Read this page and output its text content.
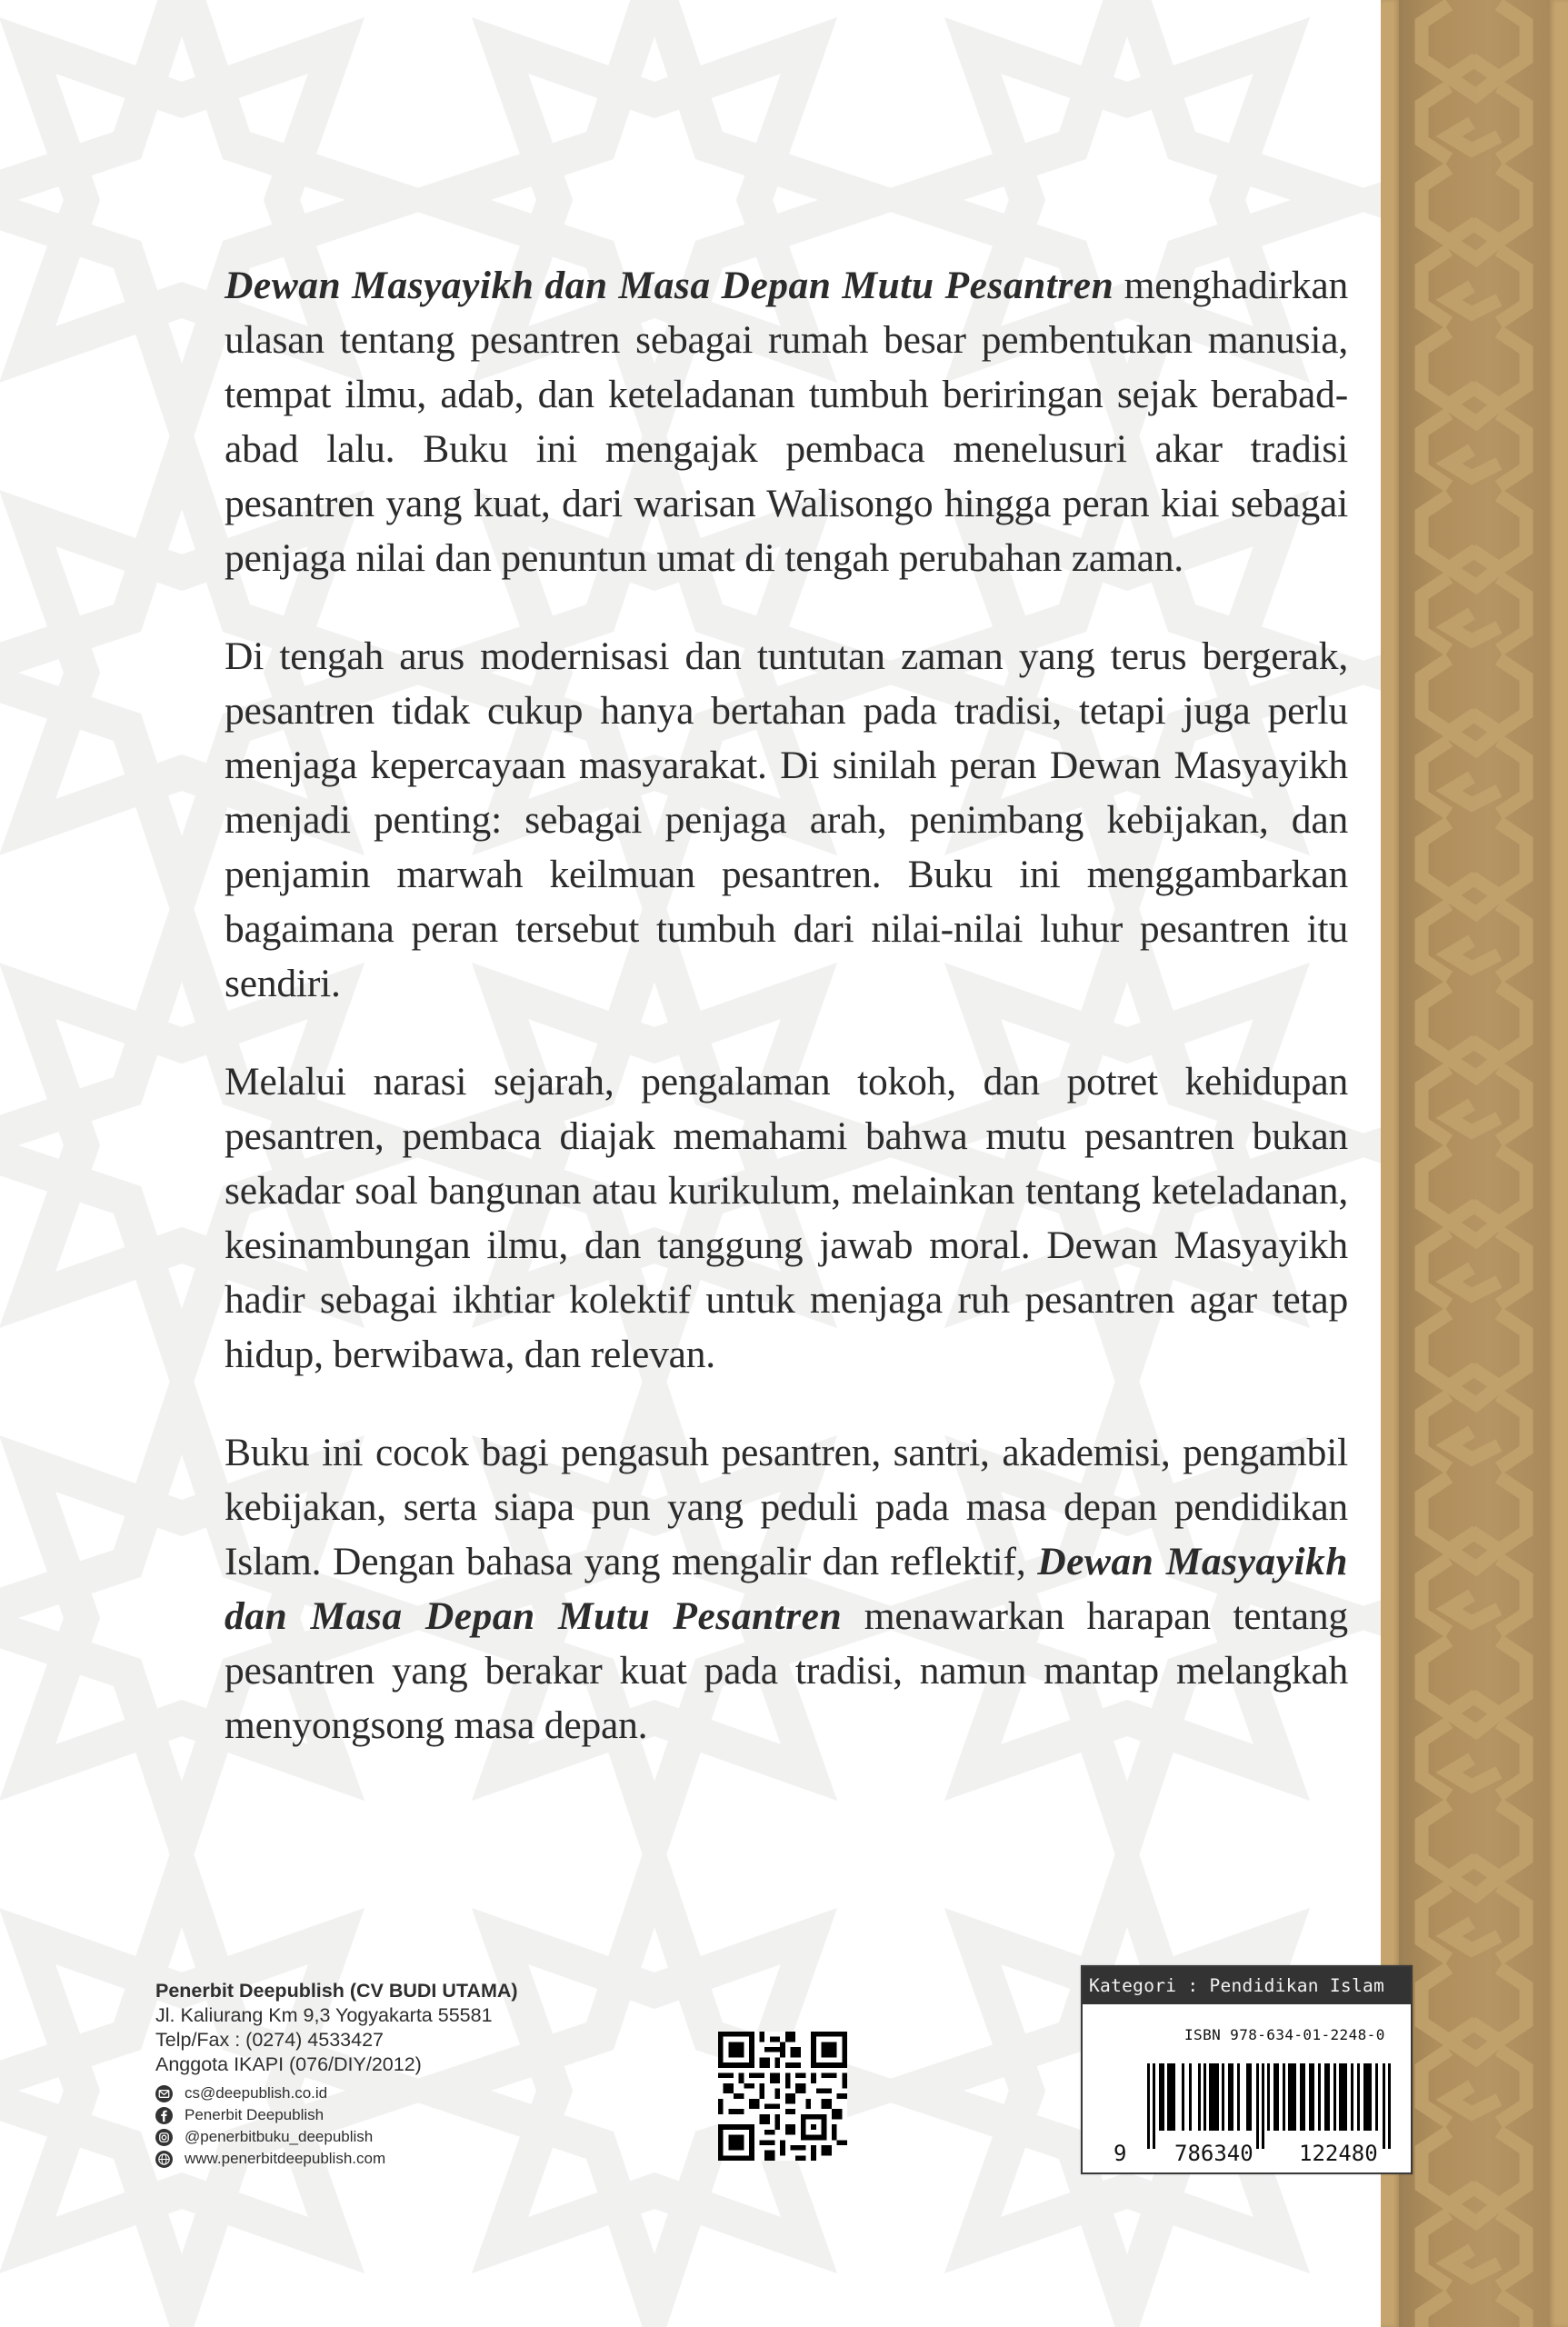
Dewan Masyayikh dan Masa Depan Mutu Pesantren menghadirkan ulasan tentang pesantren sebagai rumah besar pembentukan manusia, tempat ilmu, adab, dan keteladanan tumbuh beriringan sejak berabad-abad lalu. Buku ini mengajak pembaca menelusuri akar tradisi pesantren yang kuat, dari warisan Walisongo hingga peran kiai sebagai penjaga nilai dan penuntun umat di tengah perubahan zaman.

Di tengah arus modernisasi dan tuntutan zaman yang terus bergerak, pesantren tidak cukup hanya bertahan pada tradisi, tetapi juga perlu menjaga kepercayaan masyarakat. Di sinilah peran Dewan Masyayikh menjadi penting: sebagai penjaga arah, penimbang kebijakan, dan penjamin marwah keilmuan pesantren. Buku ini menggambarkan bagaimana peran tersebut tumbuh dari nilai-nilai luhur pesantren itu sendiri.

Melalui narasi sejarah, pengalaman tokoh, dan potret kehidupan pesantren, pembaca diajak memahami bahwa mutu pesantren bukan sekadar soal bangunan atau kurikulum, melainkan tentang keteladanan, kesinambungan ilmu, dan tanggung jawab moral. Dewan Masyayikh hadir sebagai ikhtiar kolektif untuk menjaga ruh pesantren agar tetap hidup, berwibawa, dan relevan.

Buku ini cocok bagi pengasuh pesantren, santri, akademisi, pengambil kebijakan, serta siapa pun yang peduli pada masa depan pendidikan Islam. Dengan bahasa yang mengalir dan reflektif, Dewan Masyayikh dan Masa Depan Mutu Pesantren menawarkan harapan tentang pesantren yang berakar kuat pada tradisi, namun mantap melangkah menyongsong masa depan.

Penerbit Deepublish (CV BUDI UTAMA)
Jl. Kaliurang Km 9,3 Yogyakarta 55581
Telp/Fax : (0274) 4533427
Anggota IKAPI (076/DIY/2012)
cs@deepublish.co.id
Penerbit Deepublish
@penerbitbuku_deepublish
www.penerbitdeepublish.com
Kategori : Pendidikan Islam
ISBN 978-634-01-2248-0
9 786340 122480
